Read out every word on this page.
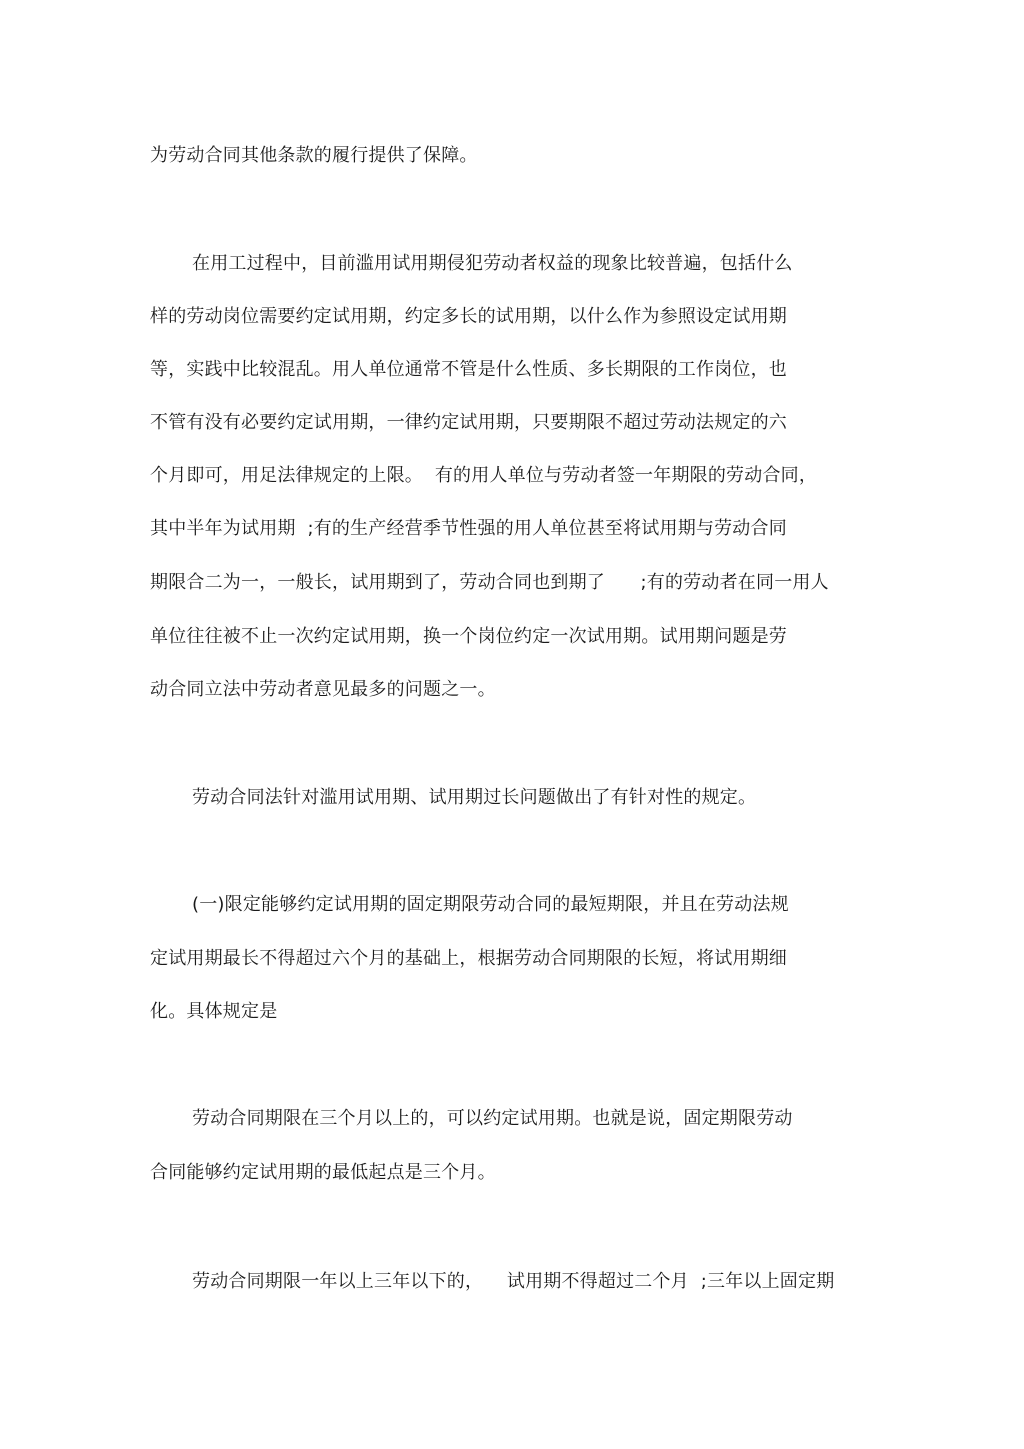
为劳动合同其他条款的履行提供了保障。
在用工过程中，目前滥用试用期侵犯劳动者权益的现象比较普遍，包括什么
样的劳动岗位需要约定试用期，约定多长的试用期，以什么作为参照设定试用期
等，实践中比较混乱。用人单位通常不管是什么性质、多长期限的工作岗位，也
不管有没有必要约定试用期，一律约定试用期，只要期限不超过劳动法规定的六
个月即可，用足法律规定的上限。  有的用人单位与劳动者签一年期限的劳动合同，
其中半年为试用期  ;有的生产经营季节性强的用人单位甚至将试用期与劳动合同
期限合二为一，一般长，试用期到了，劳动合同也到期了      ;有的劳动者在同一用人
单位往往被不止一次约定试用期，换一个岗位约定一次试用期。试用期问题是劳
动合同立法中劳动者意见最多的问题之一。
劳动合同法针对滥用试用期、试用期过长问题做出了有针对性的规定。
(一)限定能够约定试用期的固定期限劳动合同的最短期限，并且在劳动法规
定试用期最长不得超过六个月的基础上，根据劳动合同期限的长短，将试用期细
化。具体规定是
劳动合同期限在三个月以上的，可以约定试用期。也就是说，固定期限劳动
合同能够约定试用期的最低起点是三个月。
劳动合同期限一年以上三年以下的，    试用期不得超过二个月  ;三年以上固定期
